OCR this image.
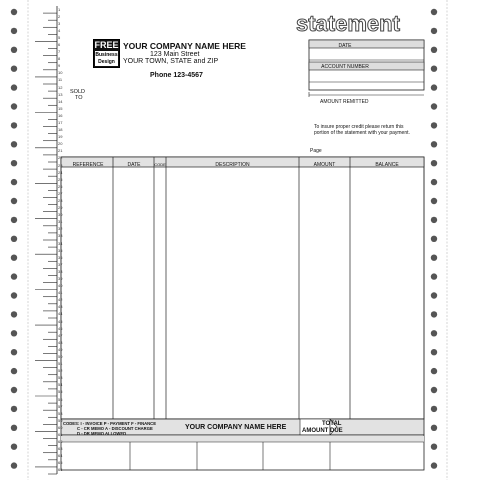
FREE
Business
Design
YOUR COMPANY NAME HERE
123 Main Street
YOUR TOWN, STATE and ZIP
Phone 123-4567
SOLD
TO
statement
DATE
ACCOUNT NUMBER
AMOUNT REMITTED
To insure proper credit please return this portion of the statement with your payment.
Page
REFERENCE	DATE	CODE	DESCRIPTION	AMOUNT	BALANCE
CODES: I - INVOICE P - PAYMENT F - FINANCE
C - CR MEMO A - DISCOUNT CHARGE
D - DR MEMO ALLOWED
YOUR COMPANY NAME HERE	TOTAL
AMOUNT DUE
1
2
3
4
5
6
7
8
9
10
11
12
13
14
15
16
17
18
19
20
21
22
23
24
25
26
27
28
29
30
31
32
33
34
35
36
37
38
39
40
41
42
43
44
45
46
47
48
49
50
51
52
53
54
55
56
57
58
59
60
61
62
63
64
65
66
